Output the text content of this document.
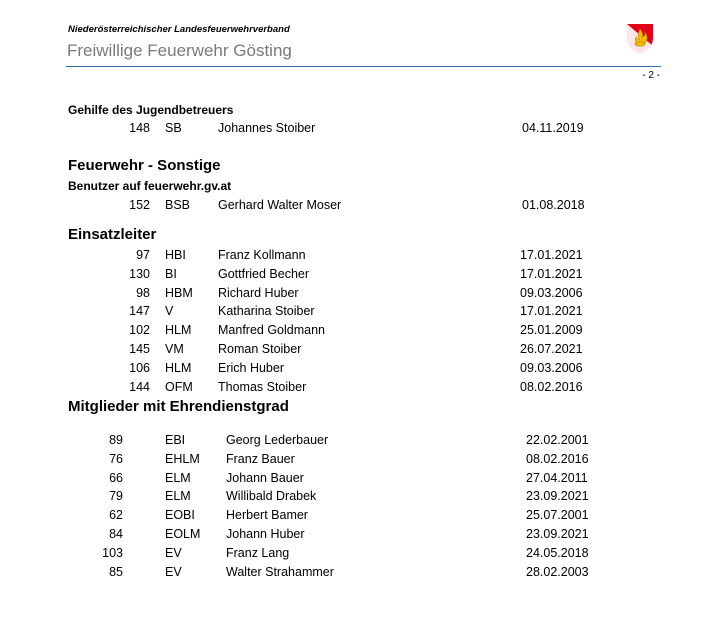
Niederösterreichischer Landesfeuerwehrverband
Freiwillige Feuerwehr Gösting
- 2 -
Gehilfe des Jugendbetreuers
148 SB	Johannes Stoiber	04.11.2019
Feuerwehr - Sonstige
Benutzer auf feuerwehr.gv.at
152 BSB Gerhard Walter Moser	01.08.2018
Einsatzleiter
97 HBI	Franz Kollmann	17.01.2021
130 BI	Gottfried Becher	17.01.2021
98 HBM Richard Huber	09.03.2006
147 V	Katharina Stoiber	17.01.2021
102 HLM Manfred Goldmann	25.01.2009
145 VM	Roman Stoiber	26.07.2021
106 HLM Erich Huber	09.03.2006
144 OFM Thomas Stoiber	08.02.2016
Mitglieder mit Ehrendienstgrad
89	EBI	Georg Lederbauer	22.02.2001
76	EHLM Franz Bauer	08.02.2016
66	ELM	Johann Bauer	27.04.2011
79	ELM	Willibald Drabek	23.09.2021
62	EOBI Herbert Bamer	25.07.2001
84	EOLM Johann Huber	23.09.2021
103	EV	Franz Lang	24.05.2018
85	EV	Walter Strahammer	28.02.2003
